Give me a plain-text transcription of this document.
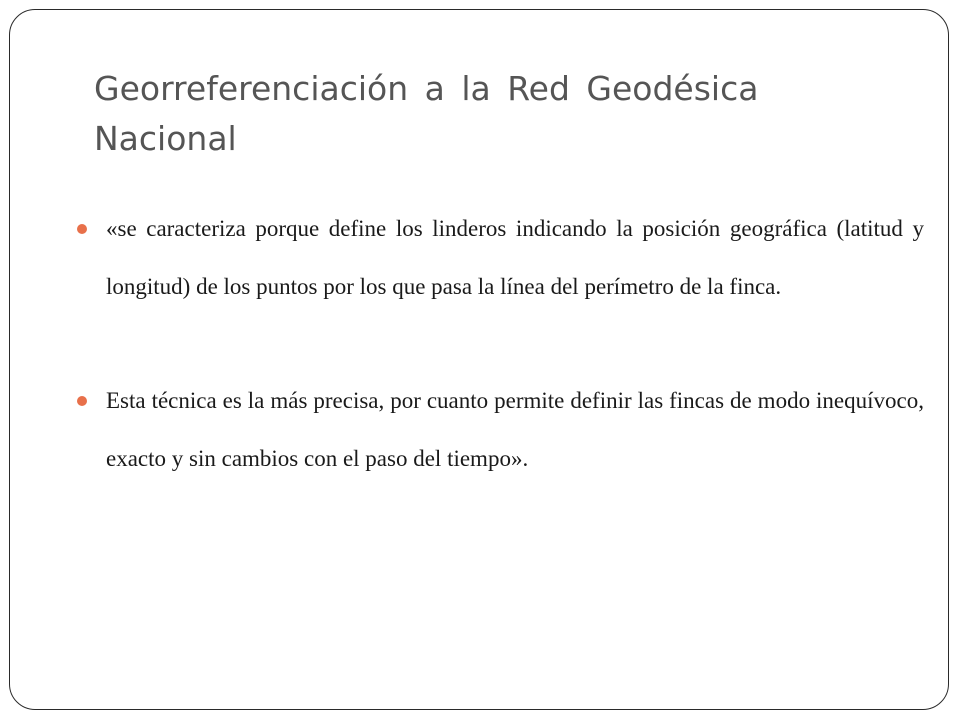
Georreferenciación a la Red Geodésica Nacional
«se caracteriza porque define los linderos indicando la posición geográfica (latitud y longitud) de los puntos por los que pasa la línea del perímetro de la finca.
Esta técnica es la más precisa, por cuanto permite definir las fincas de modo inequívoco, exacto y sin cambios con el paso del tiempo».
